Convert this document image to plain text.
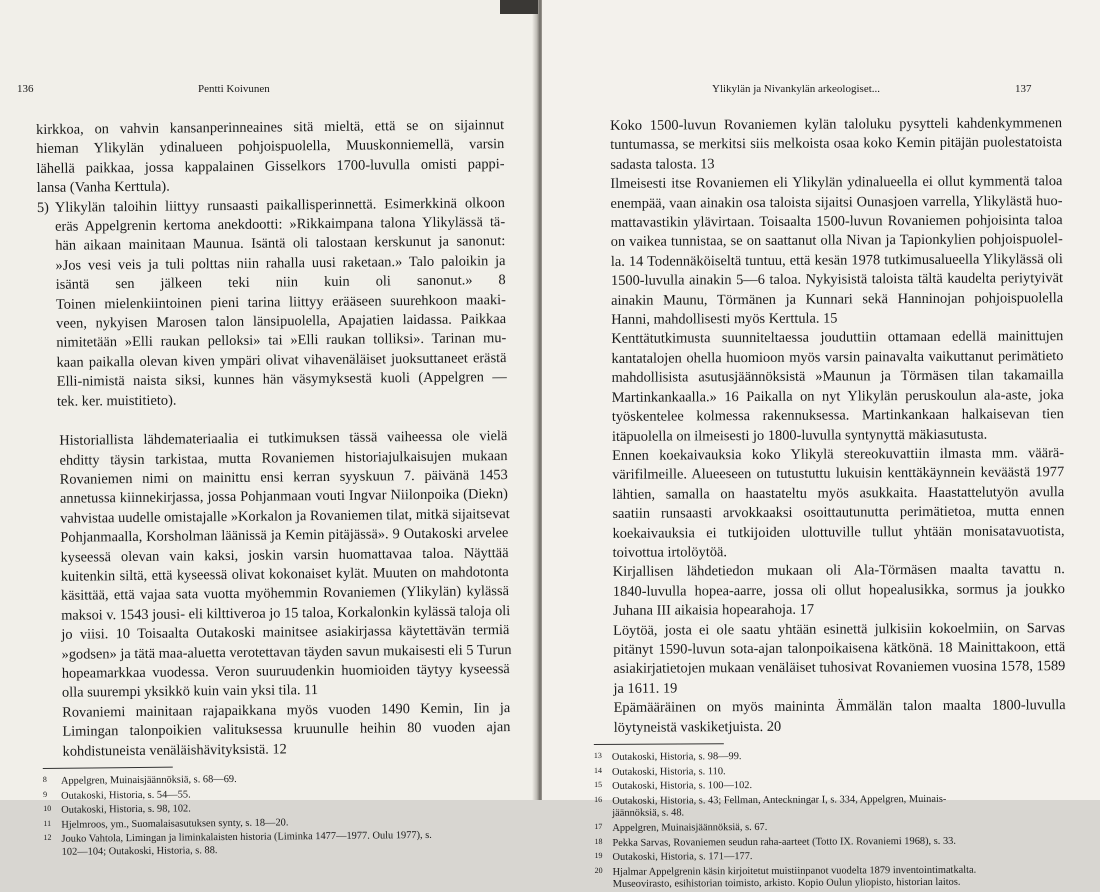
136	Pentti Koivunen
kirkkoa, on vahvin kansanperinneaines sitä mieltä, että se on sijainnut
hieman Ylikylän ydinalueen pohjoispuolella, Muuskonniemellä, varsin
lähellä paikkaa, jossa kappalainen Gisselkors 1700-luvulla omisti pappi-
lansa (Vanha Kerttula).
5) Ylikylän taloihin liittyy runsaasti paikallisperinnettä. Esimerkkinä olkoon
eräs Appelgrenin kertoma anekdootti: »Rikkaimpana talona Ylikylässä tä-
hän aikaan mainitaan Maunua. Isäntä oli talostaan kerskunut ja sanonut:
»Jos vesi veis ja tuli polttas niin rahalla uusi raketaan.» Talo paloikin ja
isäntä sen jälkeen teki niin kuin oli sanonut.» 8
Toinen mielenkiintoinen pieni tarina liittyy erääseen suurehkoon maaki-
veen, nykyisen Marosen talon länsipuolella, Apajatien laidassa. Paikkaa
nimitetään »Elli raukan pelloksi» tai »Elli raukan tolliksi». Tarinan mu-
kaan paikalla olevan kiven ympäri olivat vihavenäläiset juoksuttaneet erästä
Elli-nimistä naista siksi, kunnes hän väsymyksestä kuoli (Appelgren —
tek. ker. muistitieto).
Historiallista lähdemateriaalia ei tutkimuksen tässä vaiheessa ole vielä
ehditty täysin tarkistaa, mutta Rovaniemen historiajulkaisujen mukaan
Rovaniemen nimi on mainittu ensi kerran syyskuun 7. päivänä 1453
annetussa kiinnekirjassa, jossa Pohjanmaan vouti Ingvar Niilonpoika (Diekn)
vahvistaa uudelle omistajalle »Korkalon ja Rovaniemen tilat, mitkä sijaitsevat
Pohjanmaalla, Korsholman läänissä ja Kemin pitäjässä». 9 Outakoski arvelee
kyseessä olevan vain kaksi, joskin varsin huomattavaa taloa. Näyttää
kuitenkin siltä, että kyseessä olivat kokonaiset kylät. Muuten on mahdotonta
käsittää, että vajaa sata vuotta myöhemmin Rovaniemen (Ylikylän) kylässä
maksoi v. 1543 jousi- eli kilttiveroa jo 15 taloa, Korkalonkin kylässä taloja oli
jo viisi. 10 Toisaalta Outakoski mainitsee asiakirjassa käytettävän termiä
»godsen» ja tätä maa-aluetta verotettavan täyden savun mukaisesti eli 5 Turun
hopeamarkkaa vuodessa. Veron suuruudenkin huomioiden täytyy kyseessä
olla suurempi yksikkö kuin vain yksi tila. 11
Rovaniemi mainitaan rajapaikkana myös vuoden 1490 Kemin, Iin ja
Limingan talonpoikien valituksessa kruunulle heihin 80 vuoden ajan
kohdistuneista venäläishävityksistä. 12
8 Appelgren, Muinaisjäännöksiä, s. 68—69.
9 Outakoski, Historia, s. 54—55.
10 Outakoski, Historia, s. 98, 102.
11 Hjelmroos, ym., Suomalaisasutuksen synty, s. 18—20.
12 Jouko Vahtola, Limingan ja liminkalaisten historia (Liminka 1477—1977. Oulu 1977), s.
102—104; Outakoski, Historia, s. 88.
Ylikylän ja Nivankylän arkeologiset...	137
Koko 1500-luvun Rovaniemen kylän taloluku pysytteli kahdenkymmenen
tuntumassa, se merkitsi siis melkoista osaa koko Kemin pitäjän puolestatoista
sadasta talosta. 13
Ilmeisesti itse Rovaniemen eli Ylikylän ydinalueella ei ollut kymmentä taloa
enempää, vaan ainakin osa taloista sijaitsi Ounasjoen varrella, Ylikylästä huo-
mattavastikin ylävirtaan. Toisaalta 1500-luvun Rovaniemen pohjoisinta taloa
on vaikea tunnistaa, se on saattanut olla Nivan ja Tapionkylien pohjoispuolel-
la. 14 Todennäköiseltä tuntuu, että kesän 1978 tutkimusalueella Ylikylässä oli
1500-luvulla ainakin 5—6 taloa. Nykyisistä taloista tältä kaudelta periytyivät
ainakin Maunu, Törmänen ja Kunnari sekä Hanninojan pohjoispuolella
Hanni, mahdollisesti myös Kerttula. 15
Kenttätutkimusta suunniteltaessa jouduttiin ottamaan edellä mainittujen
kantatalojen ohella huomioon myös varsin painavalta vaikuttanut perimätieto
mahdollisista asutusjäännöksistä »Maunun ja Törmäsen tilan takamailla
Martinkankaalla.» 16 Paikalla on nyt Ylikylän peruskoulun ala-aste, joka
työskentelee kolmessa rakennuksessa. Martinkankaan halkaisevan tien
itäpuolella on ilmeisesti jo 1800-luvulla syntynyttä mäkiasutusta.
Ennen koekaivauksia koko Ylikylä stereokuvattiin ilmasta mm. väärä-
värifilmeille. Alueeseen on tutustuttu lukuisin kenttäkäynnein keväästä 1977
lähtien, samalla on haastateltu myös asukkaita. Haastattelutyön avulla
saatiin runsaasti arvokkaaksi osoittautunutta perimätietoa, mutta ennen
koekaivauksia ei tutkijoiden ulottuville tullut yhtään monisatavuotista,
toivottua irtolöytöä.
Kirjallisen lähdetiedon mukaan oli Ala-Törmäsen maalta tavattu n.
1840-luvulla hopea-aarre, jossa oli ollut hopealusikka, sormus ja joukko
Juhana III aikaisia hopearahoja. 17
Löytöä, josta ei ole saatu yhtään esinettä julkisiin kokoelmiin, on Sarvas
pitänyt 1590-luvun sota-ajan talonpoikaisena kätkönä. 18 Mainittakoon, että
asiakirjatietojen mukaan venäläiset tuhosivat Rovaniemen vuosina 1578, 1589
ja 1611. 19
Epämääräinen on myös maininta Ämmälän talon maalta 1800-luvulla
löytyneistä vaskiketjuista. 20
13 Outakoski, Historia, s. 98—99.
14 Outakoski, Historia, s. 110.
15 Outakoski, Historia, s. 100—102.
16 Outakoski, Historia, s. 43; Fellman, Anteckningar I, s. 334, Appelgren, Muinais-
jäännöksiä, s. 48.
17 Appelgren, Muinaisjäännöksiä, s. 67.
18 Pekka Sarvas, Rovaniemen seudun raha-aarteet (Totto IX. Rovaniemi 1968), s. 33.
19 Outakoski, Historia, s. 171—177.
20 Hjalmar Appelgrenin käsin kirjoitetut muistiinpanot vuodelta 1879 inventointimatkalta.
Museovirasto, esihistorian toimisto, arkisto. Kopio Oulun yliopisto, historian laitos.
